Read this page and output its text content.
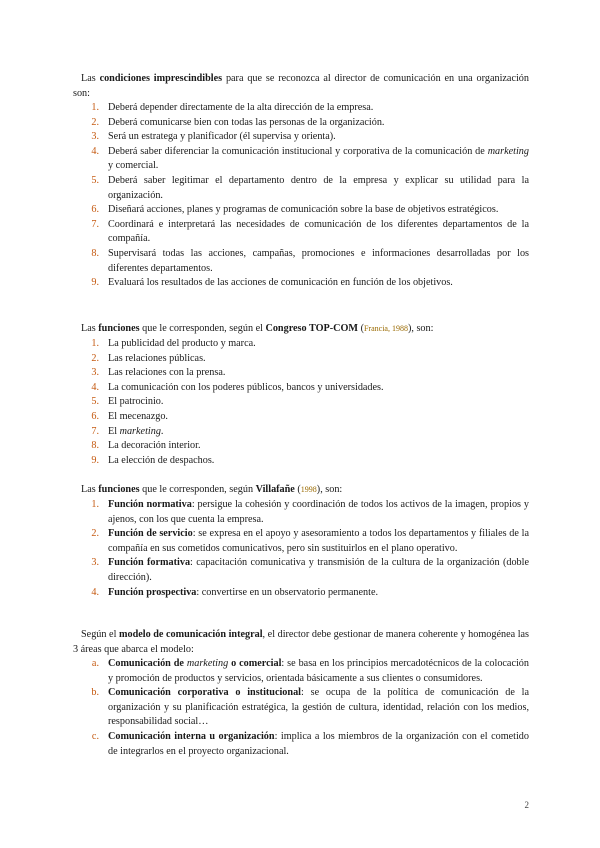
Las condiciones imprescindibles para que se reconozca al director de comunicación en una organización son:

1. Deberá depender directamente de la alta dirección de la empresa.
2. Deberá comunicarse bien con todas las personas de la organización.
3. Será un estratega y planificador (él supervisa y orienta).
4. Deberá saber diferenciar la comunicación institucional y corporativa de la comunicación de marketing y comercial.
5. Deberá saber legitimar el departamento dentro de la empresa y explicar su utilidad para la organización.
6. Diseñará acciones, planes y programas de comunicación sobre la base de objetivos estratégicos.
7. Coordinará e interpretará las necesidades de comunicación de los diferentes departamentos de la compañía.
8. Supervisará todas las acciones, campañas, promociones e informaciones desarrolladas por los diferentes departamentos.
9. Evaluará los resultados de las acciones de comunicación en función de los objetivos.

Las funciones que le corresponden, según el Congreso TOP-COM (Francia, 1988), son:

1. La publicidad del producto y marca.
2. Las relaciones públicas.
3. Las relaciones con la prensa.
4. La comunicación con los poderes públicos, bancos y universidades.
5. El patrocinio.
6. El mecenazgo.
7. El marketing.
8. La decoración interior.
9. La elección de despachos.

Las funciones que le corresponden, según Villafañe (1998), son:

1. Función normativa: persigue la cohesión y coordinación de todos los activos de la imagen, propios y ajenos, con los que cuenta la empresa.
2. Función de servicio: se expresa en el apoyo y asesoramiento a todos los departamentos y filiales de la compañía en sus cometidos comunicativos, pero sin sustituirlos en el plano operativo.
3. Función formativa: capacitación comunicativa y transmisión de la cultura de la organización (doble dirección).
4. Función prospectiva: convertirse en un observatorio permanente.

Según el modelo de comunicación integral, el director debe gestionar de manera coherente y homogénea las 3 áreas que abarca el modelo:

a. Comunicación de marketing o comercial: se basa en los principios mercadotécnicos de la colocación y promoción de productos y servicios, orientada básicamente a sus clientes o consumidores.
b. Comunicación corporativa o institucional: se ocupa de la política de comunicación de la organización y su planificación estratégica, la gestión de cultura, identidad, relación con los medios, responsabilidad social…
c. Comunicación interna u organización: implica a los miembros de la organización con el cometido de integrarlos en el proyecto organizacional.
2
